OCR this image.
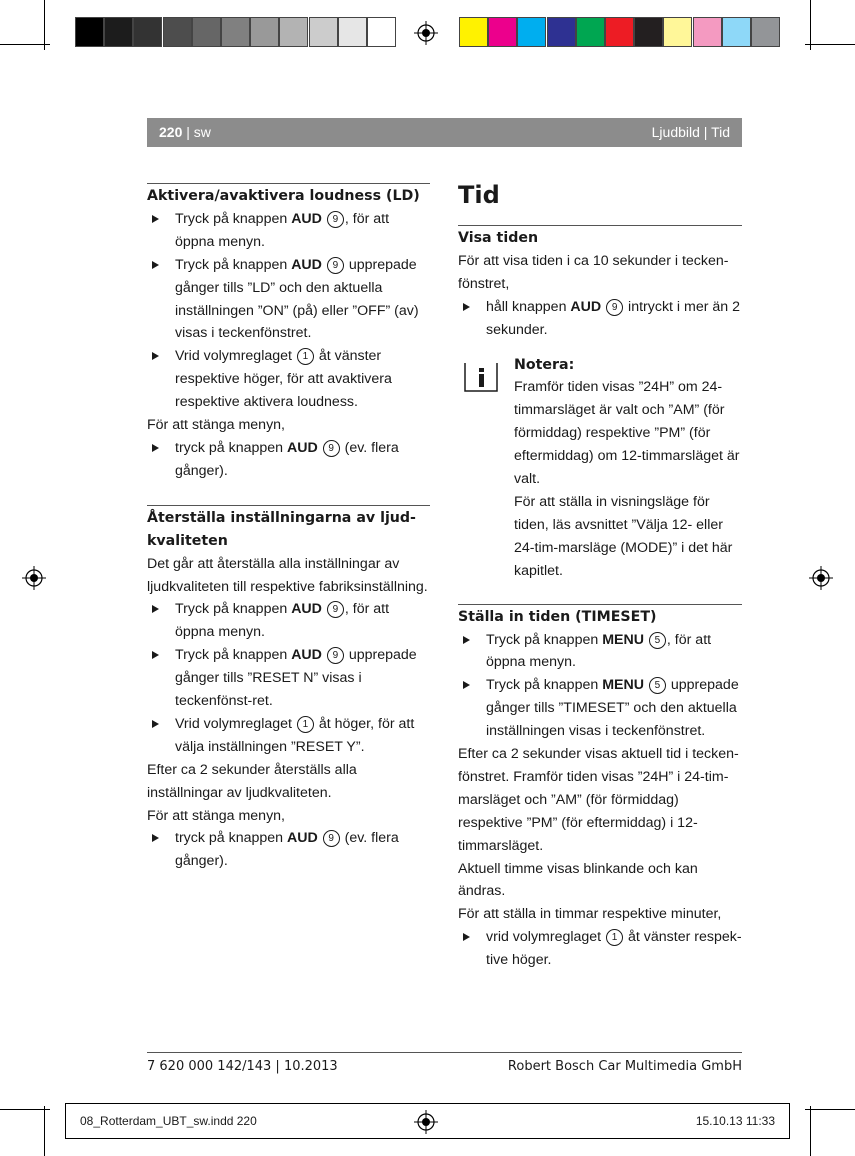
220 | sw	Ljudbild | Tid
Aktivera/avaktivera loudness (LD)
Tryck på knappen AUD 9 , för att öppna menyn.
Tryck på knappen AUD 9 upprepade gånger tills ”LD” och den aktuella inställningen ”ON” (på) eller ”OFF” (av) visas i teckenfönstret.
Vrid volymreglaget 1 åt vänster respektive höger, för att avaktivera respektive aktivera loudness.

För att stänga menyn,

tryck på knappen AUD 9 (ev. flera gånger).
Återställa inställningarna av ljud-kvaliteten

Det går att återställa alla inställningar av ljudkvaliteten till respektive fabriksinställning.

Tryck på knappen AUD 9 , för att öppna menyn.
Tryck på knappen AUD 9 upprepade gånger tills ”RESET N” visas i teckenfönst-ret.
Vrid volymreglaget 1 åt höger, för att välja inställningen ”RESET Y”.

Efter ca 2 sekunder återställs alla inställningar av ljudkvaliteten.

För att stänga menyn,

tryck på knappen AUD 9 (ev. flera gånger).
Tid
Visa tiden

För att visa tiden i ca 10 sekunder i tecken-fönstret,

håll knappen AUD 9 intryckt i mer än 2 sekunder.
Notera:

Framför tiden visas ”24H” om 24-timmarsläget är valt och ”AM” (för förmiddag) respektive ”PM” (för eftermiddag) om 12-timmarsläget är valt.

För att ställa in visningsläge för tiden, läs avsnittet ”Välja 12- eller 24-tim-marsläge (MODE)” i det här kapitlet.

Ställa in tiden (TIMESET)
Tryck på knappen MENU 5 , för att öppna menyn.
Tryck på knappen MENU 5 upprepade gånger tills ”TIMESET” och den aktuella inställningen visas i teckenfönstret.

Efter ca 2 sekunder visas aktuell tid i tecken-fönstret. Framför tiden visas ”24H” i 24-tim-marsläget och ”AM” (för förmiddag) respektive ”PM” (för eftermiddag) i 12-timmarsläget.

Aktuell timme visas blinkande och kan ändras.

För att ställa in timmar respektive minuter,

vrid volymreglaget 1 åt vänster respek-tive höger.
7 620 000 142/143 | 10.2013	Robert Bosch Car Multimedia GmbH
08_Rotterdam_UBT_sw.indd 220	15.10.13 11:33
